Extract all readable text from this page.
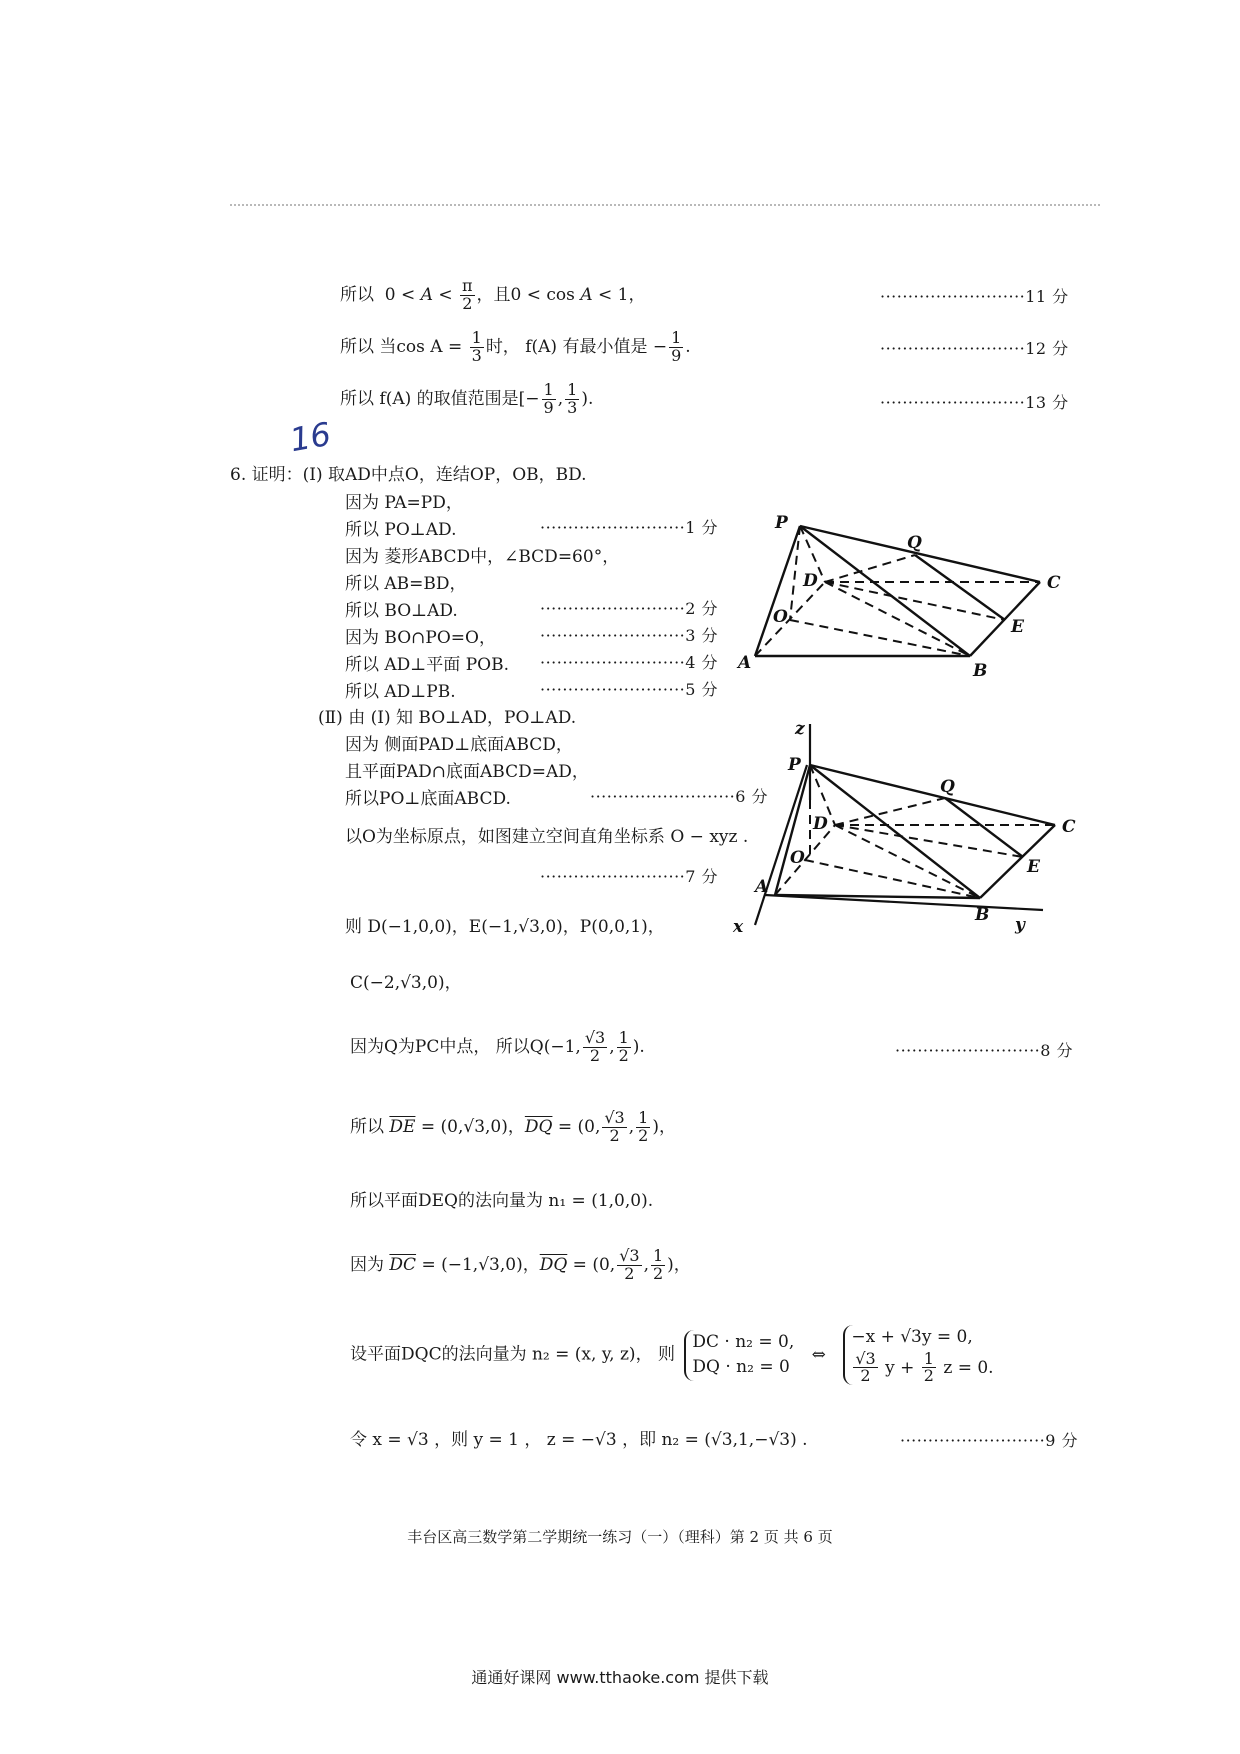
所以  $0 < A < \frac{\pi}{2}$ ，且0 < cos A < 1，	··························11 分
所以 当$\cos A = \frac{1}{3}$ 时， f(A) 有最小值是 − $\frac{1}{9}$ .	··························12 分
所以 f(A) 的取值范围是[− $\frac{1}{9}$ , $\frac{1}{3}$ ).	··························13 分
16
6. 证明：(Ⅰ) 取AD中点O，连结OP，OB，BD.
因为 PA=PD，
所以 PO⊥AD.	··························1 分
因为 菱形ABCD中，∠BCD=60°，
所以 AB=BD，
所以 BO⊥AD.	··························2 分
因为 BO∩PO=O，	··························3 分
所以 AD⊥平面 POB. ··························4 分
所以 AD⊥PB.	··························5 分
P
Q
D
O
C
E
A	B
(Ⅱ) 由 (Ⅰ) 知 BO⊥AD，PO⊥AD.
因为 侧面PAD⊥底面ABCD，
且平面PAD∩底面ABCD=AD，
所以PO⊥底面ABCD.	··························6 分
以O为坐标原点，如图建立空间直角坐标系 O − xyz .
··························7 分
z
P
Q
D
O
C
E
A
B
x	y
则 D(−1,0,0)，E(−1,√3,0)，P(0,0,1)，
C(−2,√3,0)，
因为Q为PC中点， 所以Q(−1, $\frac{√3}{2}$ , $\frac{1}{2}$ ).	··························8 分
所以 $\overline{DE} = (0,√3,0)$，$\overline{DQ} = (0$, $\frac{√3}{2}$ , $\frac{1}{2}$ )，
所以平面DEQ的法向量为 n₁ = (1,0,0).
因为 $\overline{DC} = (-1,√3,0)$，$\overline{DQ} = (0$, $\frac{√3}{2}$ , $\frac{1}{2}$ )，
设平面DQC的法向量为 n₂ = (x, y, z)， 则 DC · n₂ = 0,
DQ · n₂ = 0 ⇔ −x + √3y = 0,

$\frac{√3}{2}$ $y + \frac{1}{2}$ z = 0.
令 x = √3 ，则 y = 1 ， z = −√3 ，即 n₂ = (√3,1,−√3) .	··························9 分
丰台区高三数学第二学期统一练习（一）（理科）第 2 页 共 6 页
通通好课网 www.tthaoke.com 提供下载
